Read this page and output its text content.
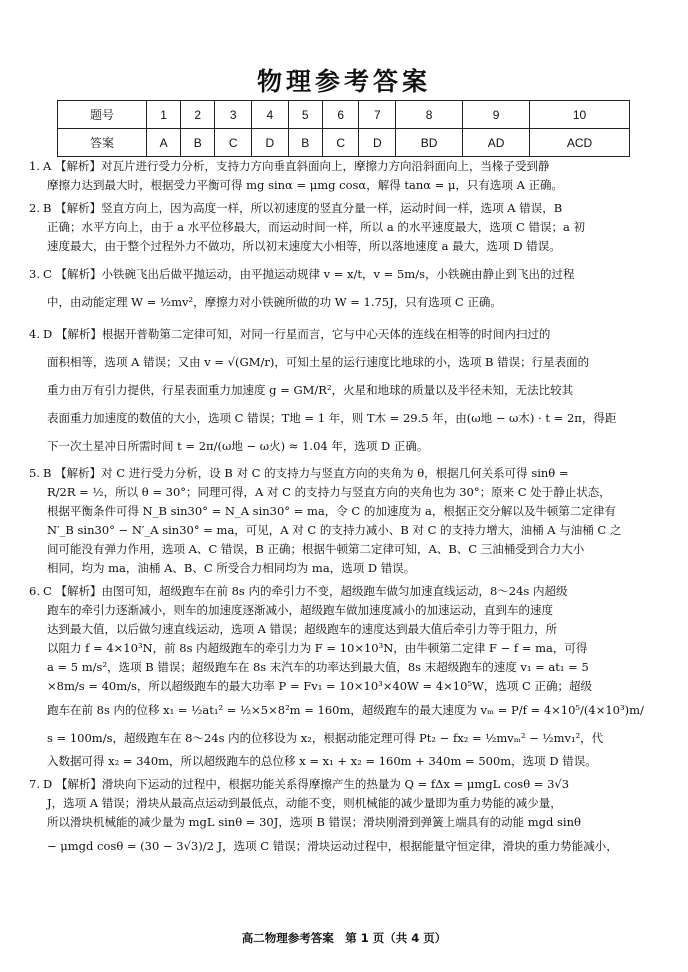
物理参考答案
题号	1	2	3	4	5	6	7	8	9	10
答案	A	B	C	D	B	C	D	BD	AD	ACD
1. A 【解析】对瓦片进行受力分析，支持力方向垂直斜面向上，摩擦力方向沿斜面向上，当椽子受到静
摩擦力达到最大时，根据受力平衡可得 mg sinα = μmg cosα，解得 tanα = μ，只有选项 A 正确。
2. B 【解析】竖直方向上，因为高度一样，所以初速度的竖直分量一样，运动时间一样，选项 A 错误，B
正确；水平方向上，由于 a 水平位移最大，而运动时间一样，所以 a 的水平速度最大，选项 C 错误；a 初
速度最大，由于整个过程外力不做功，所以初末速度大小相等，所以落地速度 a 最大，选项 D 错误。
3. C 【解析】小铁碗飞出后做平抛运动，由平抛运动规律 v = x/t，v = 5m/s，小铁碗由静止到飞出的过程
中，由动能定理 W = ½mv²，摩擦力对小铁碗所做的功 W = 1.75J，只有选项 C 正确。
4. D 【解析】根据开普勒第二定律可知，对同一行星而言，它与中心天体的连线在相等的时间内扫过的
面积相等，选项 A 错误；又由 v = √(GM/r)，可知土星的运行速度比地球的小，选项 B 错误；行星表面的
重力由万有引力提供，行星表面重力加速度 g = GM/R²，火星和地球的质量以及半径未知，无法比较其
表面重力加速度的数值的大小，选项 C 错误；T地 = 1 年，则 T木 = 29.5 年，由(ω地 − ω木) · t = 2π，得距
下一次土星冲日所需时间 t = 2π/(ω地 − ω火) ≈ 1.04 年，选项 D 正确。
5. B 【解析】对 C 进行受力分析，设 B 对 C 的支持力与竖直方向的夹角为 θ，根据几何关系可得 sinθ =
R/2R = ½，所以 θ = 30°；同理可得，A 对 C 的支持力与竖直方向的夹角也为 30°；原来 C 处于静止状态，
根据平衡条件可得 N_B sin30° = N_A sin30° = ma，令 C 的加速度为 a，根据正交分解以及牛顿第二定律有
N′_B sin30° − N′_A sin30° = ma，可见，A 对 C 的支持力减小、B 对 C 的支持力增大，油桶 A 与油桶 C 之
间可能没有弹力作用，选项 A、C 错误，B 正确；根据牛顿第二定律可知，A、B、C 三油桶受到合力大小
相同，均为 ma，油桶 A、B、C 所受合力相同均为 ma，选项 D 错误。
6. C 【解析】由图可知，超级跑车在前 8s 内的牵引力不变，超级跑车做匀加速直线运动，8～24s 内超级
跑车的牵引力逐渐减小，则车的加速度逐渐减小，超级跑车做加速度减小的加速运动，直到车的速度
达到最大值，以后做匀速直线运动，选项 A 错误；超级跑车的速度达到最大值后牵引力等于阻力，所
以阻力 f = 4×10³N，前 8s 内超级跑车的牵引力为 F = 10×10³N，由牛顿第二定律 F − f = ma，可得
a = 5 m/s²，选项 B 错误；超级跑车在 8s 末汽车的功率达到最大值，8s 末超级跑车的速度 v₁ = at₁ = 5
×8m/s = 40m/s，所以超级跑车的最大功率 P = Fv₁ = 10×10³×40W = 4×10⁵W，选项 C 正确；超级
跑车在前 8s 内的位移 x₁ = ½at₁² = ½×5×8²m = 160m，超级跑车的最大速度为 vₘ = P/f = 4×10⁵/(4×10³)m/
s = 100m/s，超级跑车在 8～24s 内的位移设为 x₂，根据动能定理可得 Pt₂ − fx₂ = ½mvₘ² − ½mv₁²，代
入数据可得 x₂ = 340m，所以超级跑车的总位移 x = x₁ + x₂ = 160m + 340m = 500m，选项 D 错误。
7. D 【解析】滑块向下运动的过程中，根据功能关系得摩擦产生的热量为 Q = fΔx = μmgL cosθ = 3√3
J，选项 A 错误；滑块从最高点运动到最低点，动能不变，则机械能的减少量即为重力势能的减少量，
所以滑块机械能的减少量为 mgL sinθ = 30J，选项 B 错误；滑块刚滑到弹簧上端具有的动能 mgd sinθ
− μmgd cosθ = (30 − 3√3)/2 J，选项 C 错误；滑块运动过程中，根据能量守恒定律，滑块的重力势能减小，
高二物理参考答案　第 1 页（共 4 页）
